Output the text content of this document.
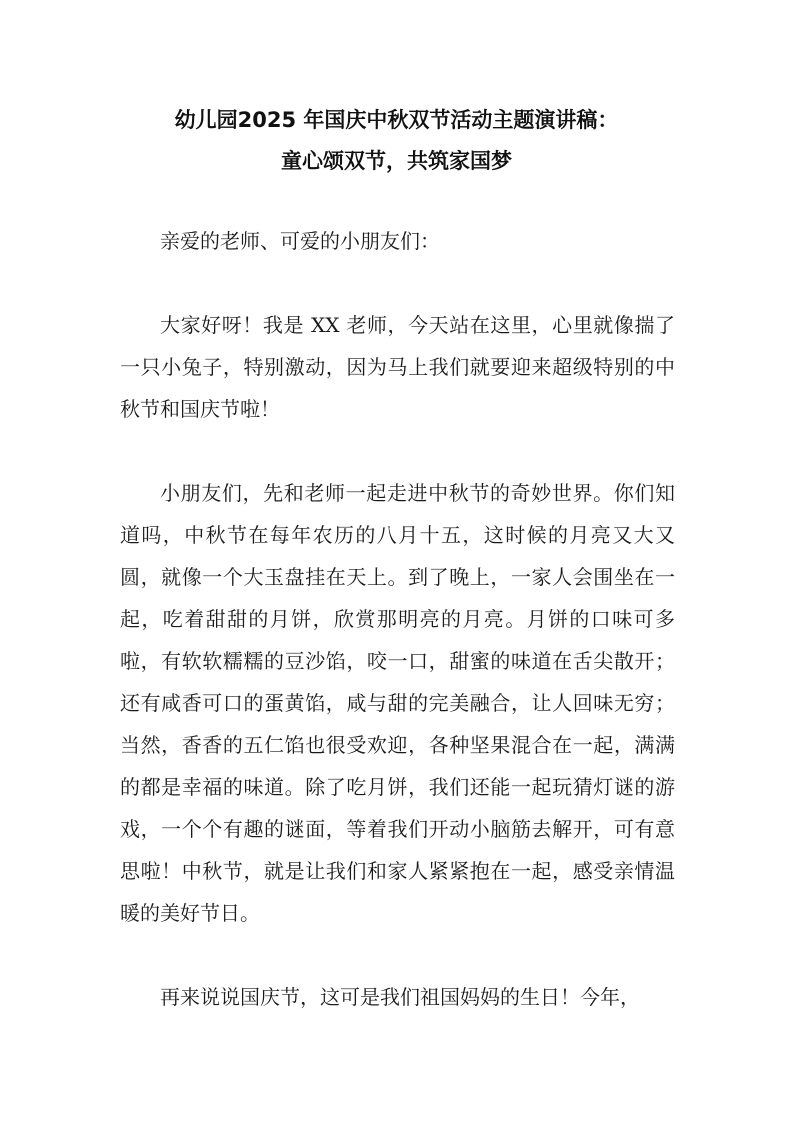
幼儿园2025 年国庆中秋双节活动主题演讲稿：
童心颂双节，共筑家国梦

亲爱的老师、可爱的小朋友们：

大家好呀！我是 XX 老师，今天站在这里，心里就像揣了一只小兔子，特别激动，因为马上我们就要迎来超级特别的中秋节和国庆节啦！

小朋友们，先和老师一起走进中秋节的奇妙世界。你们知道吗，中秋节在每年农历的八月十五，这时候的月亮又大又圆，就像一个大玉盘挂在天上。到了晚上，一家人会围坐在一起，吃着甜甜的月饼，欣赏那明亮的月亮。月饼的口味可多啦，有软软糯糯的豆沙馅，咬一口，甜蜜的味道在舌尖散开；还有咸香可口的蛋黄馅，咸与甜的完美融合，让人回味无穷；当然，香香的五仁馅也很受欢迎，各种坚果混合在一起，满满的都是幸福的味道。除了吃月饼，我们还能一起玩猜灯谜的游戏，一个个有趣的谜面，等着我们开动小脑筋去解开，可有意思啦！中秋节，就是让我们和家人紧紧抱在一起，感受亲情温暖的美好节日。

再来说说国庆节，这可是我们祖国妈妈的生日！今年，
